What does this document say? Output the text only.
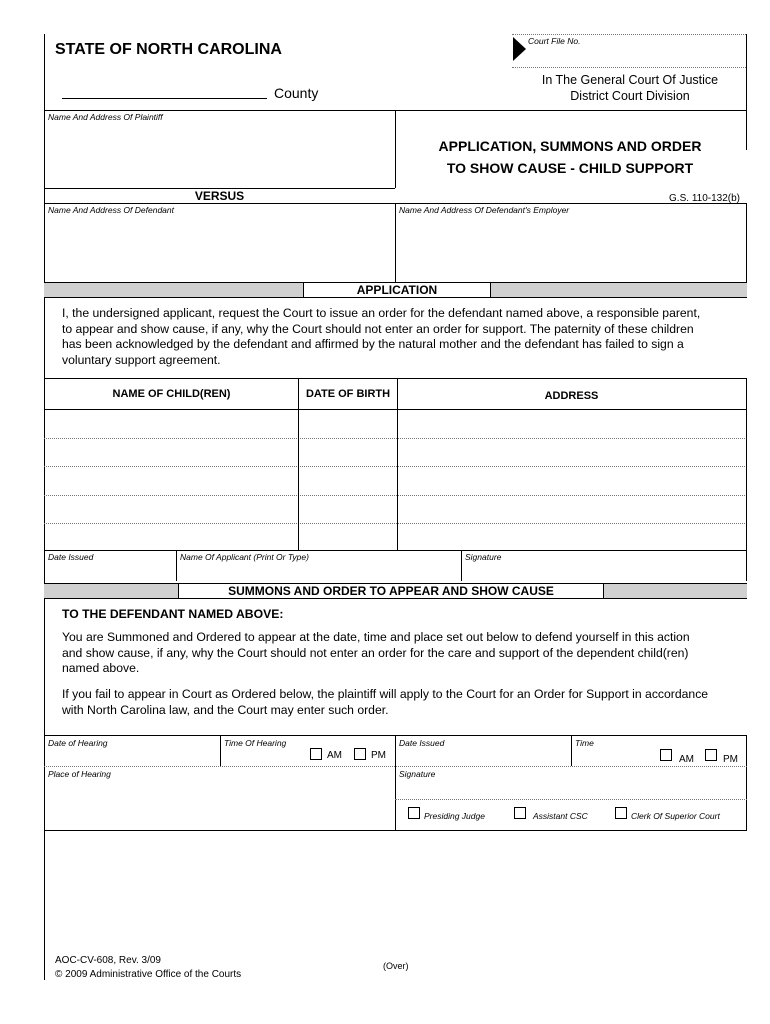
STATE OF NORTH CAROLINA	Court File No.
County
In The General Court Of Justice
District Court Division
Name And Address Of Plaintiff
APPLICATION, SUMMONS AND ORDER
TO SHOW CAUSE - CHILD SUPPORT
VERSUS	G.S. 110-132(b)
Name And Address Of Defendant	Name And Address Of Defendant's Employer
APPLICATION
I, the undersigned applicant, request the Court to issue an order for the defendant named above, a responsible parent,
to appear and show cause, if any, why the Court should not enter an order for support. The paternity of these children
has been acknowledged by the defendant and affirmed by the natural mother and the defendant has failed to sign a
voluntary support agreement.
NAME OF CHILD(REN)	DATE OF BIRTH	ADDRESS
Date Issued	Name Of Applicant (Print Or Type)	Signature
SUMMONS AND ORDER TO APPEAR AND SHOW CAUSE
TO THE DEFENDANT NAMED ABOVE:
You are Summoned and Ordered to appear at the date, time and place set out below to defend yourself in this action
and show cause, if any, why the Court should not enter an order for the care and support of the dependent child(ren)
named above.
If you fail to appear in Court as Ordered below, the plaintiff will apply to the Court for an Order for Support in accordance
with North Carolina law, and the Court may enter such order.
Date of Hearing	Time Of Hearing
AM	PM
Date Issued	Time
AM	PM
Place of Hearing	Signature
Presiding Judge	Assistant CSC	Clerk Of Superior Court
AOC-CV-608, Rev. 3/09
© 2009 Administrative Office of the Courts
(Over)
